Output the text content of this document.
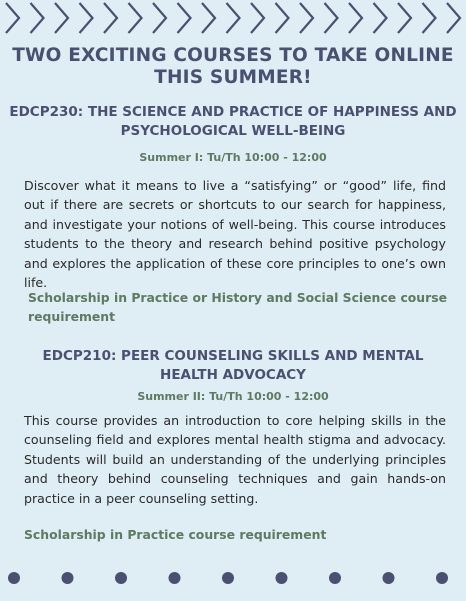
TWO EXCITING COURSES TO TAKE ONLINE
THIS SUMMER!
EDCP230: THE SCIENCE AND PRACTICE OF HAPPINESS AND
PSYCHOLOGICAL WELL-BEING
Summer I: Tu/Th 10:00 - 12:00

Discover what it means to live a “satisfying” or “good” life, find out if there are secrets or shortcuts to our search for happiness, and investigate your notions of well-being. This course introduces students to the theory and research behind positive psychology and explores the application of these core principles to one’s own life.

Scholarship in Practice or History and Social Science course requirement

EDCP210: PEER COUNSELING SKILLS AND MENTAL
HEALTH ADVOCACY
Summer II: Tu/Th 10:00 - 12:00

This course provides an introduction to core helping skills in the counseling field and explores mental health stigma and advocacy. Students will build an understanding of the underlying principles and theory behind counseling techniques and gain hands-on practice in a peer counseling setting.

Scholarship in Practice course requirement
